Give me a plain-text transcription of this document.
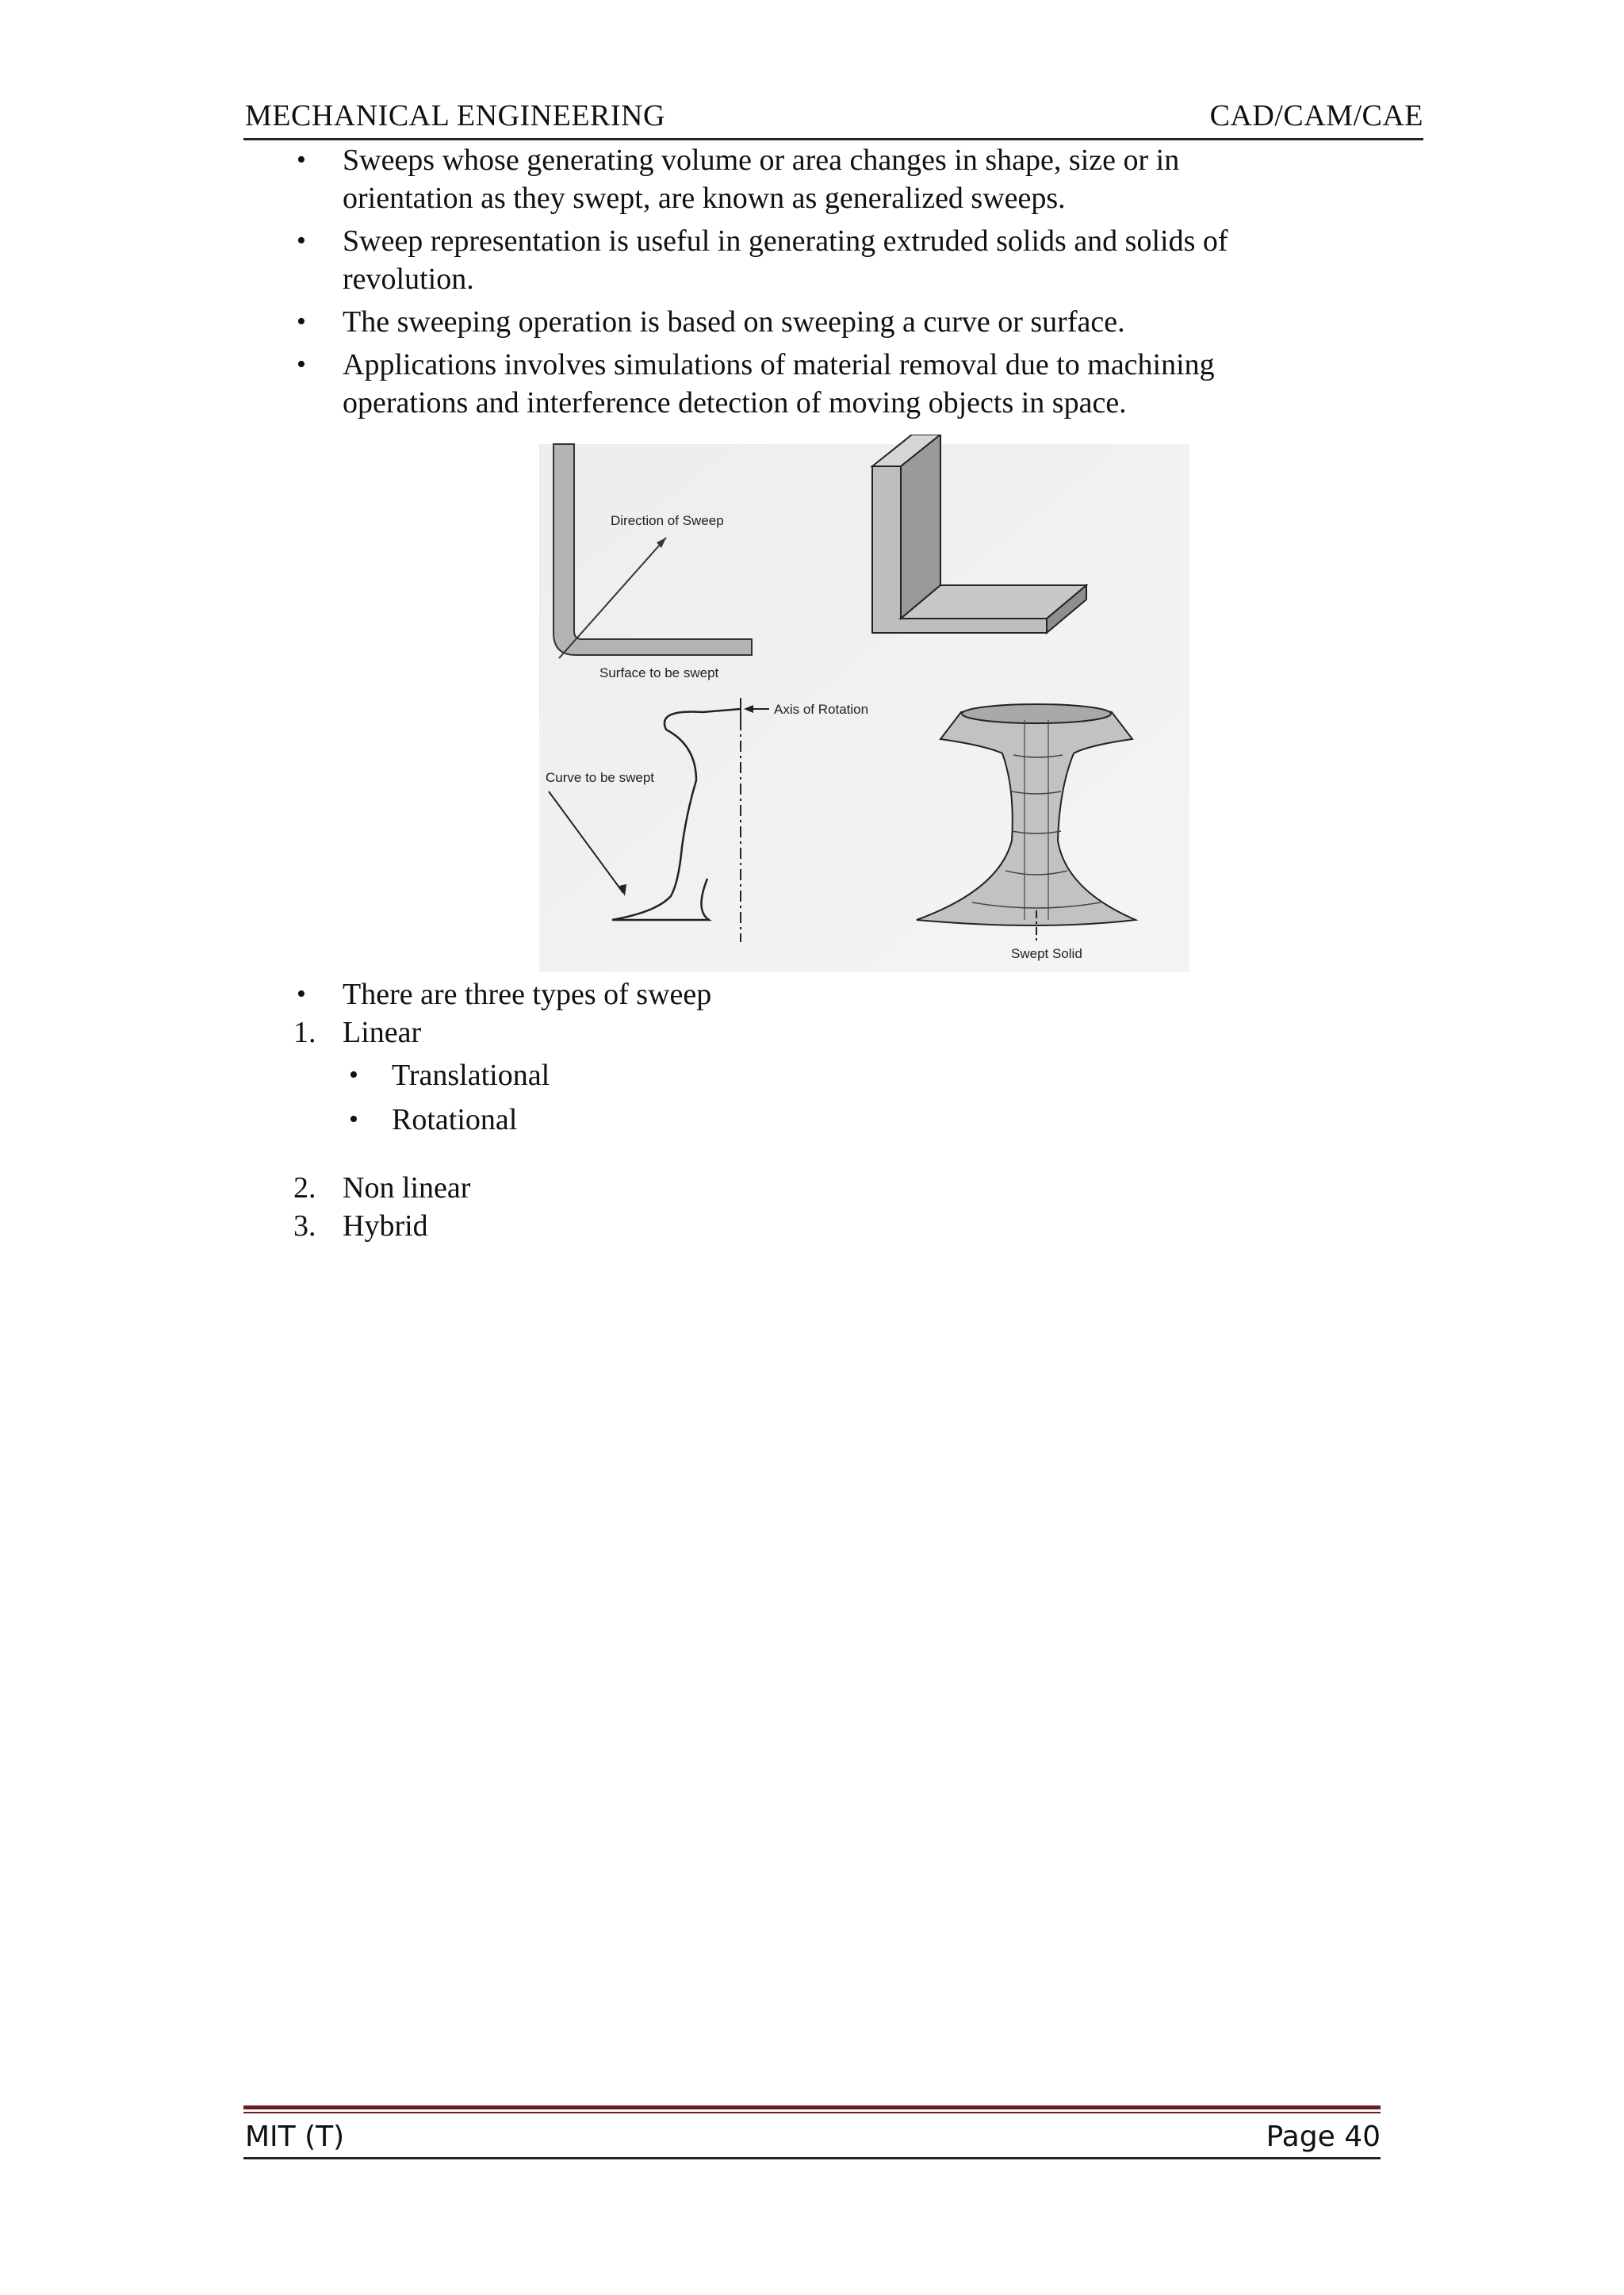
MECHANICAL ENGINEERING	CAD/CAM/CAE
• Sweeps whose generating volume or area changes in shape, size or in orientation as they swept, are known as generalized sweeps.
• Sweep representation is useful in generating extruded solids and solids of revolution.
• The sweeping operation is based on sweeping a curve or surface.
• Applications involves simulations of material removal due to machining operations and interference detection of moving objects in space.
Direction of Sweep
Surface to be swept
Axis of Rotation
Curve to be swept
Swept Solid
• There are three types of sweep
1. Linear
• Translational
• Rotational
2. Non linear
3. Hybrid
MIT (T)	Page 40
